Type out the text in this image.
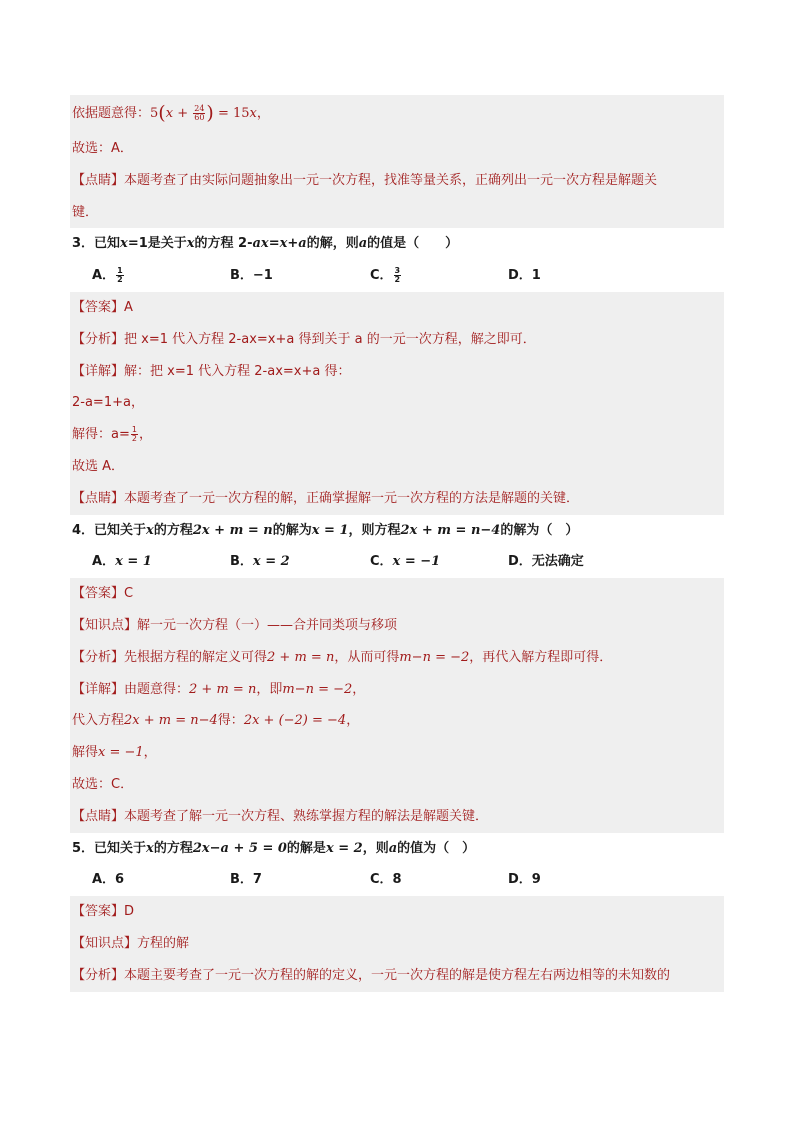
依据题意得：$5(x + \frac{24}{60}$ ) = 15x，
故选：A．
【点睛】本题考查了由实际问题抽象出一元一次方程，找准等量关系，正确列出一元一次方程是解题关
键．
3．已知x=1是关于x的方程 2-ax=x+a的解，则a的值是（　　）
A． $\frac{1}{2}$	B．−1	C． $\frac{3}{2}$	D．1
【答案】A
【分析】把 x=1 代入方程 2-ax=x+a 得到关于 a 的一元一次方程，解之即可．
【详解】解：把 x=1 代入方程 2-ax=x+a 得：
2-a=1+a，
解得：$a= \frac{1}{2}$ ，
故选 A．
【点睛】本题考查了一元一次方程的解，正确掌握解一元一次方程的方法是解题的关键．
4．已知关于x的方程2x + m = n的解为x = 1，则方程2x + m = n−4的解为（　）
A．x = 1	B．x = 2	C．x = −1	D．无法确定
【答案】C
【知识点】解一元一次方程（一）——合并同类项与移项
【分析】先根据方程的解定义可得2 + m = n，从而可得m−n = −2，再代入解方程即可得．
【详解】由题意得：2 + m = n，即m−n = −2，
代入方程2x + m = n−4得：2x + (−2) = −4，
解得x = −1，
故选：C．
【点睛】本题考查了解一元一次方程、熟练掌握方程的解法是解题关键．
5．已知关于x的方程2x−a + 5 = 0的解是x = 2，则a的值为（　）
A．6	B．7	C．8	D．9
【答案】D
【知识点】方程的解
【分析】本题主要考查了一元一次方程的解的定义，一元一次方程的解是使方程左右两边相等的未知数的
